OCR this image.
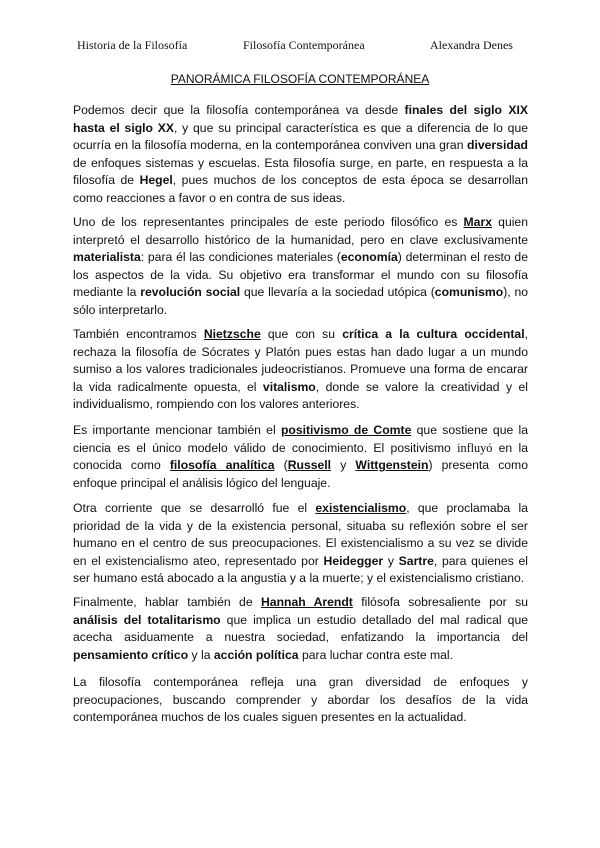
Historia de la Filosofía	Filosofía Contemporánea	Alexandra Denes
PANORÁMICA FILOSOFÍA CONTEMPORÁNEA

Podemos decir que la filosofía contemporánea va desde finales del siglo XIX hasta el siglo XX, y que su principal característica es que a diferencia de lo que ocurría en la filosofía moderna, en la contemporánea conviven una gran diversidad de enfoques sistemas y escuelas. Esta filosofía surge, en parte, en respuesta a la filosofía de Hegel, pues muchos de los conceptos de esta época se desarrollan como reacciones a favor o en contra de sus ideas.

Uno de los representantes principales de este periodo filosófico es Marx quien interpretó el desarrollo histórico de la humanidad, pero en clave exclusivamente materialista: para él las condiciones materiales (economía) determinan el resto de los aspectos de la vida. Su objetivo era transformar el mundo con su filosofía mediante la revolución social que llevaría a la sociedad utópica (comunismo), no sólo interpretarlo.

También encontramos Nietzsche que con su crítica a la cultura occidental, rechaza la filosofía de Sócrates y Platón pues estas han dado lugar a un mundo sumiso a los valores tradicionales judeocristianos. Promueve una forma de encarar la vida radicalmente opuesta, el vitalismo, donde se valore la creatividad y el individualismo, rompiendo con los valores anteriores.

Es importante mencionar también el positivismo de Comte que sostiene que la ciencia es el único modelo válido de conocimiento. El positivismo influyó en la conocida como filosofía analítica (Russell y Wittgenstein) presenta como enfoque principal el análisis lógico del lenguaje.

Otra corriente que se desarrolló fue el existencialismo, que proclamaba la prioridad de la vida y de la existencia personal, situaba su reflexión sobre el ser humano en el centro de sus preocupaciones. El existencialismo a su vez se divide en el existencialismo ateo, representado por Heidegger y Sartre, para quienes el ser humano está abocado a la angustia y a la muerte; y el existencialismo cristiano.

Finalmente, hablar también de Hannah Arendt filósofa sobresaliente por su análisis del totalitarismo que implica un estudio detallado del mal radical que acecha asiduamente a nuestra sociedad, enfatizando la importancia del pensamiento crítico y la acción política para luchar contra este mal.

La filosofía contemporánea refleja una gran diversidad de enfoques y preocupaciones, buscando comprender y abordar los desafíos de la vida contemporánea muchos de los cuales siguen presentes en la actualidad.
